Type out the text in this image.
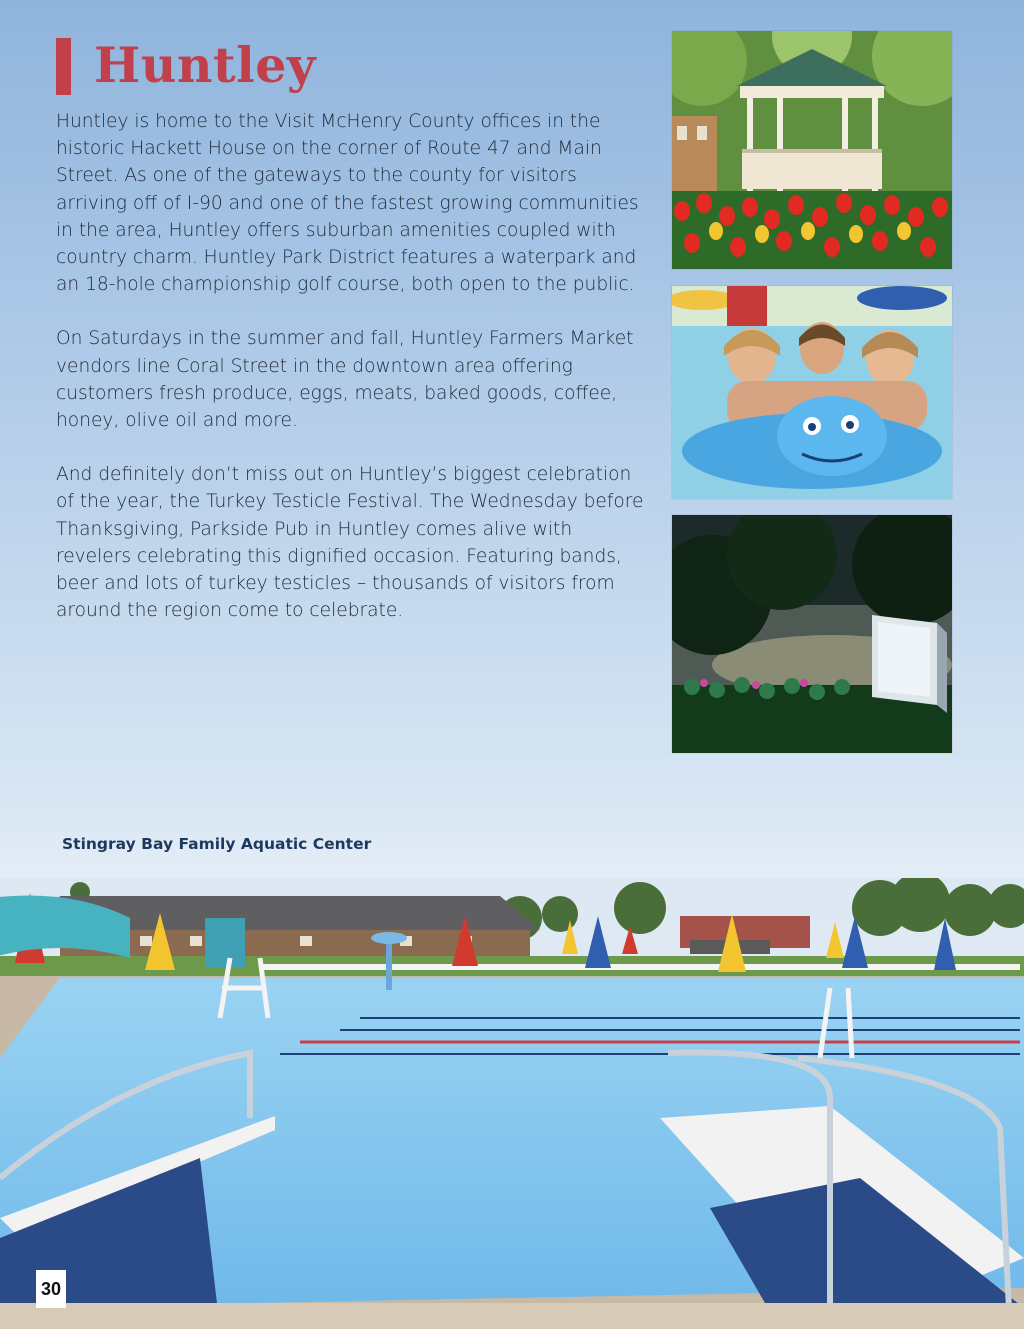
Huntley

Huntley is home to the Visit McHenry County offices in the historic Hackett House on the corner of Route 47 and Main Street. As one of the gateways to the county for visitors arriving off of I-90 and one of the fastest growing communities in the area, Huntley offers suburban amenities coupled with country charm. Huntley Park District features a waterpark and an 18-hole championship golf course, both open to the public.

On Saturdays in the summer and fall, Huntley Farmers Market vendors line Coral Street in the downtown area offering customers fresh produce, eggs, meats, baked goods, coffee, honey, olive oil and more.

And definitely don’t miss out on Huntley’s biggest celebration of the year, the Turkey Testicle Festival. The Wednesday before Thanksgiving, Parkside Pub in Huntley comes alive with revelers celebrating this dignified occasion. Featuring bands, beer and lots of turkey testicles – thousands of visitors from around the region come to celebrate.

Stingray Bay Family Aquatic Center
30
